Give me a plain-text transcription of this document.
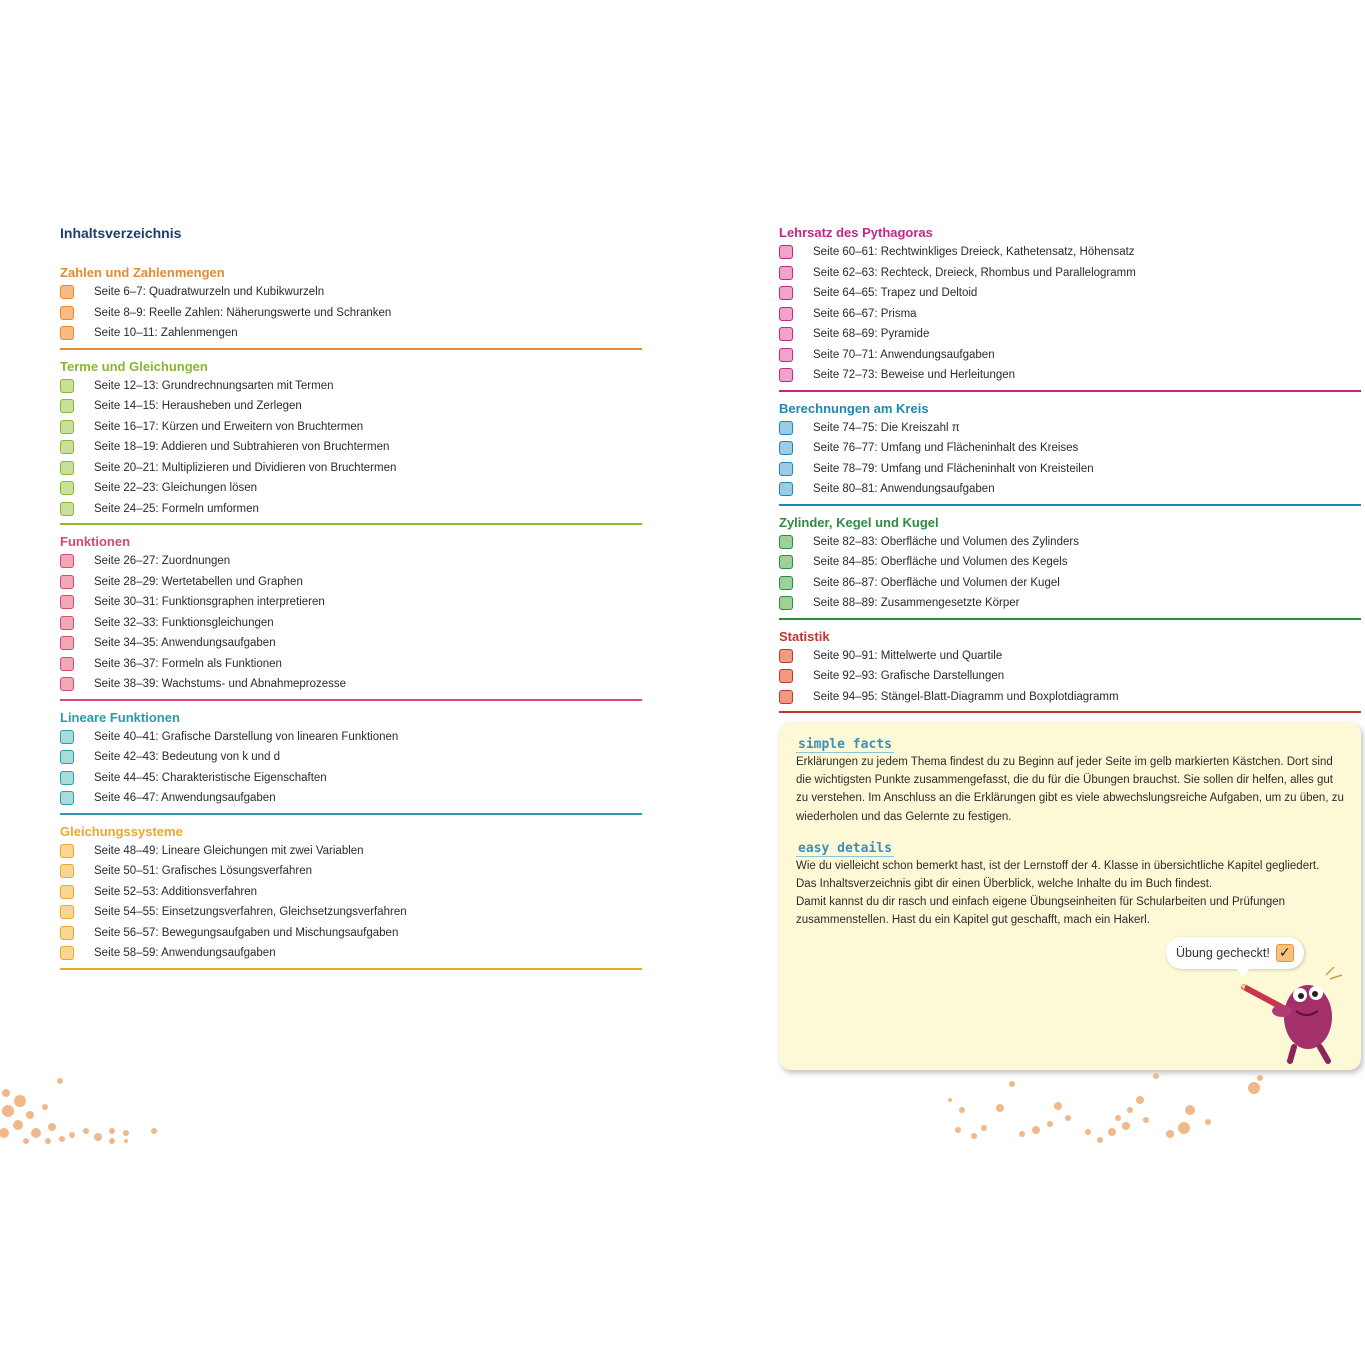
Inhaltsverzeichnis
Zahlen und Zahlenmengen
Seite 6–7: Quadratwurzeln und Kubikwurzeln
Seite 8–9: Reelle Zahlen: Näherungswerte und Schranken
Seite 10–11: Zahlenmengen
Terme und Gleichungen
Seite 12–13: Grundrechnungsarten mit Termen
Seite 14–15: Herausheben und Zerlegen
Seite 16–17: Kürzen und Erweitern von Bruchtermen
Seite 18–19: Addieren und Subtrahieren von Bruchtermen
Seite 20–21: Multiplizieren und Dividieren von Bruchtermen
Seite 22–23: Gleichungen lösen
Seite 24–25: Formeln umformen
Funktionen
Seite 26–27: Zuordnungen
Seite 28–29: Wertetabellen und Graphen
Seite 30–31: Funktionsgraphen interpretieren
Seite 32–33: Funktionsgleichungen
Seite 34–35: Anwendungsaufgaben
Seite 36–37: Formeln als Funktionen
Seite 38–39: Wachstums- und Abnahmeprozesse
Lineare Funktionen
Seite 40–41: Grafische Darstellung von linearen Funktionen
Seite 42–43: Bedeutung von k und d
Seite 44–45: Charakteristische Eigenschaften
Seite 46–47: Anwendungsaufgaben
Gleichungssysteme
Seite 48–49: Lineare Gleichungen mit zwei Variablen
Seite 50–51: Grafisches Lösungsverfahren
Seite 52–53: Additionsverfahren
Seite 54–55: Einsetzungsverfahren, Gleichsetzungsverfahren
Seite 56–57: Bewegungsaufgaben und Mischungsaufgaben
Seite 58–59: Anwendungsaufgaben
Lehrsatz des Pythagoras
Seite 60–61: Rechtwinkliges Dreieck, Kathetensatz, Höhensatz
Seite 62–63: Rechteck, Dreieck, Rhombus und Parallelogramm
Seite 64–65: Trapez und Deltoid
Seite 66–67: Prisma
Seite 68–69: Pyramide
Seite 70–71: Anwendungsaufgaben
Seite 72–73: Beweise und Herleitungen
Berechnungen am Kreis
Seite 74–75: Die Kreiszahl π
Seite 76–77: Umfang und Flächeninhalt des Kreises
Seite 78–79: Umfang und Flächeninhalt von Kreisteilen
Seite 80–81: Anwendungsaufgaben
Zylinder, Kegel und Kugel
Seite 82–83: Oberfläche und Volumen des Zylinders
Seite 84–85: Oberfläche und Volumen des Kegels
Seite 86–87: Oberfläche und Volumen der Kugel
Seite 88–89: Zusammengesetzte Körper
Statistik
Seite 90–91: Mittelwerte und Quartile
Seite 92–93: Grafische Darstellungen
Seite 94–95: Stängel-Blatt-Diagramm und Boxplotdiagramm
simple facts

Erklärungen zu jedem Thema findest du zu Beginn auf jeder Seite im gelb markierten Kästchen. Dort sind die wichtigsten Punkte zusammengefasst, die du für die Übungen brauchst. Sie sollen dir helfen, alles gut zu verstehen. Im Anschluss an die Erklärungen gibt es viele abwechslungsreiche Aufgaben, um zu üben, zu wiederholen und das Gelernte zu festigen.

easy details

Wie du vielleicht schon bemerkt hast, ist der Lernstoff der 4. Klasse in übersichtliche Kapitel gegliedert.

Das Inhaltsverzeichnis gibt dir einen Überblick, welche Inhalte du im Buch findest.

Damit kannst du dir rasch und einfach eigene Übungseinheiten für Schularbeiten und Prüfungen zusammenstellen. Hast du ein Kapitel gut geschafft, mach ein Hakerl.

Übung gecheckt! ✓
